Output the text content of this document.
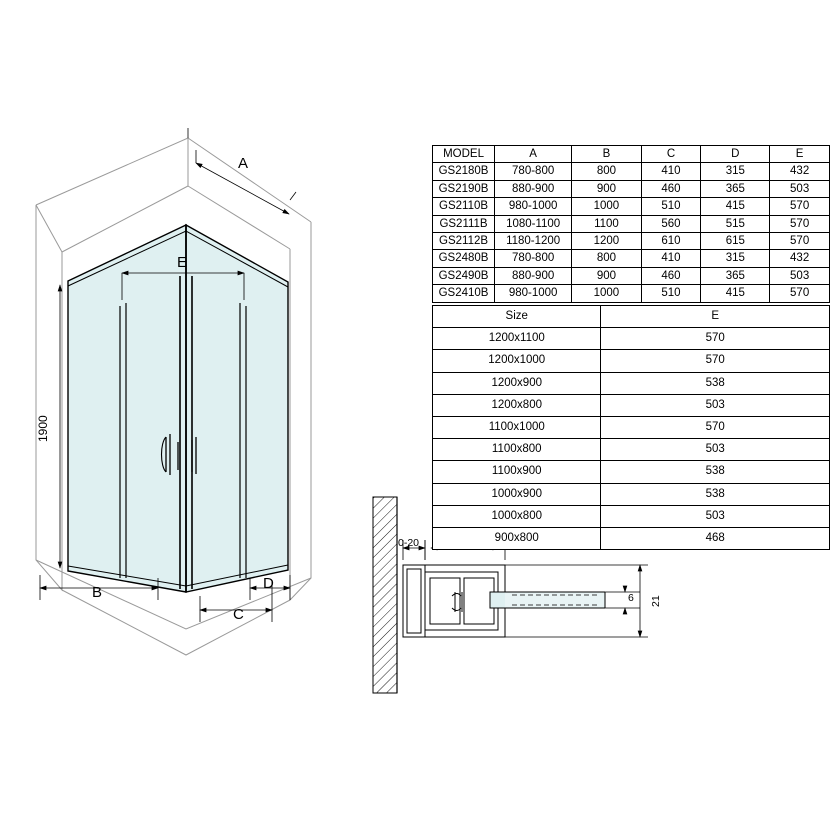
A
E
1900
B
C
D
0-20
6 21
MODEL	A	B	C	D	E
GS2180B	780-800	800	410	315	432
GS2190B	880-900	900	460	365	503
GS2110B	980-1000	1000	510	415	570
GS2111B	1080-1100	1100	560	515	570
GS2112B	1180-1200	1200	610	615	570
GS2480B	780-800	800	410	315	432
GS2490B	880-900	900	460	365	503
GS2410B	980-1000	1000	510	415	570
Size	E
1200x1100	570
1200x1000	570
1200x900	538
1200x800	503
1100x1000	570
1100x800	503
1100x900	538
1000x900	538
1000x800	503
900x800	468
